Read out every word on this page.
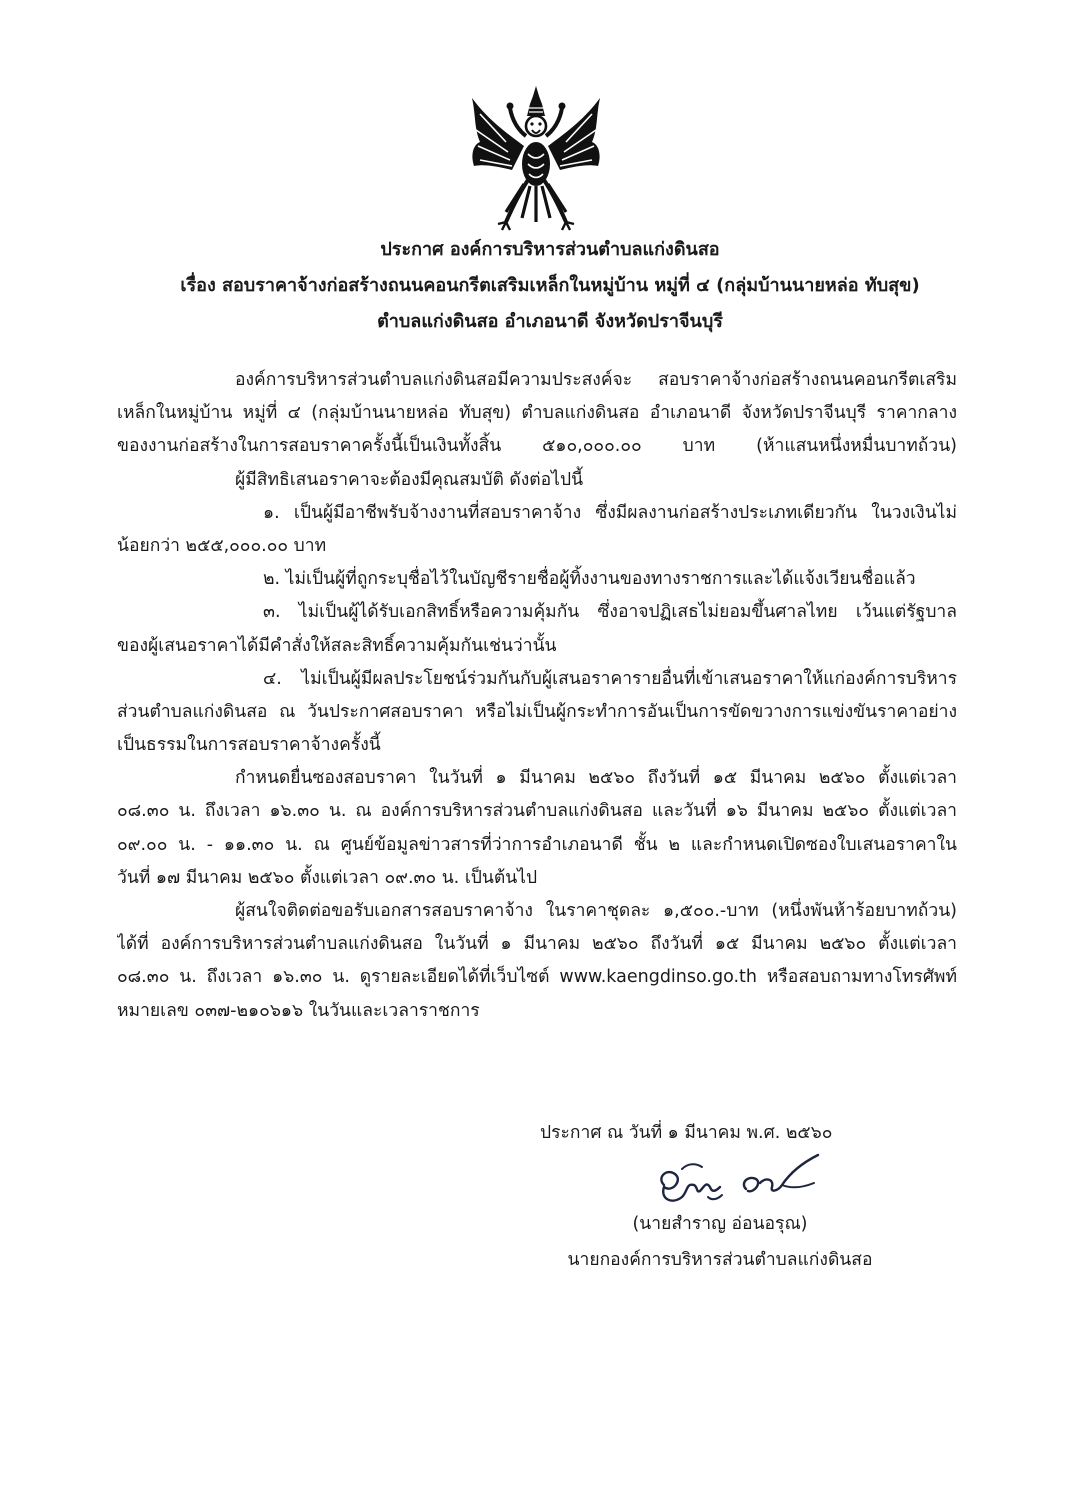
ประกาศ องค์การบริหารส่วนตำบลแก่งดินสอ
เรื่อง สอบราคาจ้างก่อสร้างถนนคอนกรีตเสริมเหล็กในหมู่บ้าน หมู่ที่ ๔ (กลุ่มบ้านนายหล่อ ทับสุข)
ตำบลแก่งดินสอ อำเภอนาดี จังหวัดปราจีนบุรี
องค์การบริหารส่วนตำบลแก่งดินสอมีความประสงค์จะ สอบราคาจ้างก่อสร้างถนนคอนกรีตเสริม
เหล็กในหมู่บ้าน หมู่ที่ ๔ (กลุ่มบ้านนายหล่อ ทับสุข) ตำบลแก่งดินสอ อำเภอนาดี จังหวัดปราจีนบุรี ราคากลาง
ของงานก่อสร้างในการสอบราคาครั้งนี้เป็นเงินทั้งสิ้น ๕๑๐,๐๐๐.๐๐ บาท (ห้าแสนหนึ่งหมื่นบาทถ้วน)
ผู้มีสิทธิเสนอราคาจะต้องมีคุณสมบัติ ดังต่อไปนี้
๑. เป็นผู้มีอาชีพรับจ้างงานที่สอบราคาจ้าง ซึ่งมีผลงานก่อสร้างประเภทเดียวกัน ในวงเงินไม่
น้อยกว่า ๒๕๕,๐๐๐.๐๐ บาท
๒. ไม่เป็นผู้ที่ถูกระบุชื่อไว้ในบัญชีรายชื่อผู้ทิ้งงานของทางราชการและได้แจ้งเวียนชื่อแล้ว
๓. ไม่เป็นผู้ได้รับเอกสิทธิ์หรือความคุ้มกัน ซึ่งอาจปฏิเสธไม่ยอมขึ้นศาลไทย เว้นแต่รัฐบาล
ของผู้เสนอราคาได้มีคำสั่งให้สละสิทธิ์ความคุ้มกันเช่นว่านั้น
๔. ไม่เป็นผู้มีผลประโยชน์ร่วมกันกับผู้เสนอราคารายอื่นที่เข้าเสนอราคาให้แก่องค์การบริหาร
ส่วนตำบลแก่งดินสอ ณ วันประกาศสอบราคา หรือไม่เป็นผู้กระทำการอันเป็นการขัดขวางการแข่งขันราคาอย่าง
เป็นธรรมในการสอบราคาจ้างครั้งนี้
กำหนดยื่นซองสอบราคา ในวันที่ ๑ มีนาคม ๒๕๖๐ ถึงวันที่ ๑๕ มีนาคม ๒๕๖๐ ตั้งแต่เวลา
๐๘.๓๐ น. ถึงเวลา ๑๖.๓๐ น. ณ องค์การบริหารส่วนตำบลแก่งดินสอ และวันที่ ๑๖ มีนาคม ๒๕๖๐ ตั้งแต่เวลา
๐๙.๐๐ น. - ๑๑.๓๐ น. ณ ศูนย์ข้อมูลข่าวสารที่ว่าการอำเภอนาดี ชั้น ๒ และกำหนดเปิดซองใบเสนอราคาใน
วันที่ ๑๗ มีนาคม ๒๕๖๐ ตั้งแต่เวลา ๐๙.๓๐ น. เป็นต้นไป
ผู้สนใจติดต่อขอรับเอกสารสอบราคาจ้าง ในราคาชุดละ ๑,๕๐๐.-บาท (หนึ่งพันห้าร้อยบาทถ้วน)
ได้ที่ องค์การบริหารส่วนตำบลแก่งดินสอ ในวันที่ ๑ มีนาคม ๒๕๖๐ ถึงวันที่ ๑๕ มีนาคม ๒๕๖๐ ตั้งแต่เวลา
๐๘.๓๐ น. ถึงเวลา ๑๖.๓๐ น. ดูรายละเอียดได้ที่เว็บไซต์ www.kaengdinso.go.th หรือสอบถามทางโทรศัพท์
หมายเลข ๐๓๗-๒๑๐๖๑๖ ในวันและเวลาราชการ
ประกาศ ณ วันที่ ๑ มีนาคม พ.ศ. ๒๕๖๐
(นายสำราญ อ่อนอรุณ)
นายกองค์การบริหารส่วนตำบลแก่งดินสอ
